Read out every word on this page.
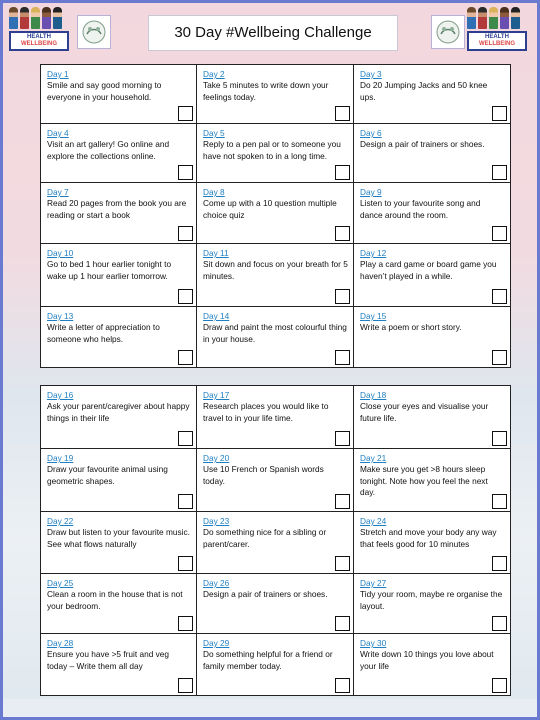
HEALTH
WELLBEING
30 Day #Wellbeing Challenge	HEALTH
WELLBEING
Day 1
Smile and say good morning to everyone in your household.
Day 2
Take 5 minutes to write down your feelings today.
Day 3
Do 20 Jumping Jacks and 50 knee ups.
Day 4
Visit an art gallery! Go online and explore the collections online.
Day 5
Reply to a pen pal or to someone you have not spoken to in a long time.
Day 6
Design a pair of trainers or shoes.
Day 7
Read 20 pages from the book you are reading or start a book
Day 8
Come up with a 10 question multiple choice quiz
Day 9
Listen to your favourite song and dance around the room.
Day 10
Go to bed 1 hour earlier tonight to wake up 1 hour earlier tomorrow.
Day 11
Sit down and focus on your breath for 5 minutes.
Day 12
Play a card game or board game you haven’t played in a while.
Day 13
Write a letter of appreciation to someone who helps.
Day 14
Draw and paint the most colourful thing in your house.
Day 15
Write a poem or short story.
Day 16
Ask your parent/caregiver about happy things in their life
Day 17
Research places you would like to travel to in your life time.
Day 18
Close your eyes and visualise your future life.
Day 19
Draw your favourite animal using geometric shapes.
Day 20
Use 10 French or Spanish words today.
Day 21
Make sure you get >8 hours sleep tonight. Note how you feel the next day.
Day 22
Draw but listen to your favourite music. See what flows naturally
Day 23
Do something nice for a sibling or parent/carer.
Day 24
Stretch and move your body any way that feels good for 10 minutes
Day 25
Clean a room in the house that is not your bedroom.
Day 26
Design a pair of trainers or shoes.
Day 27
Tidy your room, maybe re organise the layout.
Day 28
Ensure you have >5 fruit and veg today – Write them all day
Day 29
Do something helpful for a friend or family member today.
Day 30
Write down 10 things you love about your life
